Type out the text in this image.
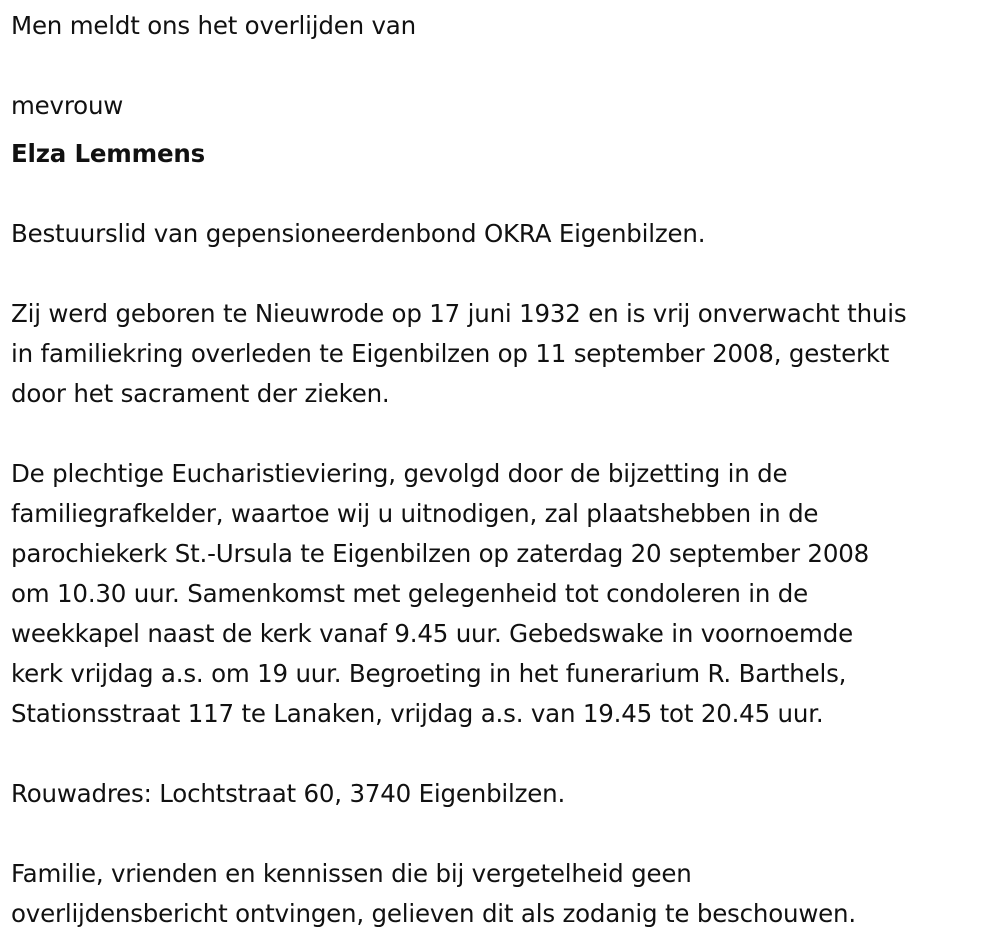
Men meldt ons het overlijden van
mevrouw
Elza Lemmens
Bestuurslid van gepensioneerdenbond OKRA Eigenbilzen.
Zij werd geboren te Nieuwrode op 17 juni 1932 en is vrij onverwacht thuis
in familiekring overleden te Eigenbilzen op 11 september 2008, gesterkt
door het sacrament der zieken.
De plechtige Eucharistieviering, gevolgd door de bijzetting in de
familiegrafkelder, waartoe wij u uitnodigen, zal plaatshebben in de
parochiekerk St.-Ursula te Eigenbilzen op zaterdag 20 september 2008
om 10.30 uur. Samenkomst met gelegenheid tot condoleren in de
weekkapel naast de kerk vanaf 9.45 uur. Gebedswake in voornoemde
kerk vrijdag a.s. om 19 uur. Begroeting in het funerarium R. Barthels,
Stationsstraat 117 te Lanaken, vrijdag a.s. van 19.45 tot 20.45 uur.
Rouwadres: Lochtstraat 60, 3740 Eigenbilzen.
Familie, vrienden en kennissen die bij vergetelheid geen
overlijdensbericht ontvingen, gelieven dit als zodanig te beschouwen.
